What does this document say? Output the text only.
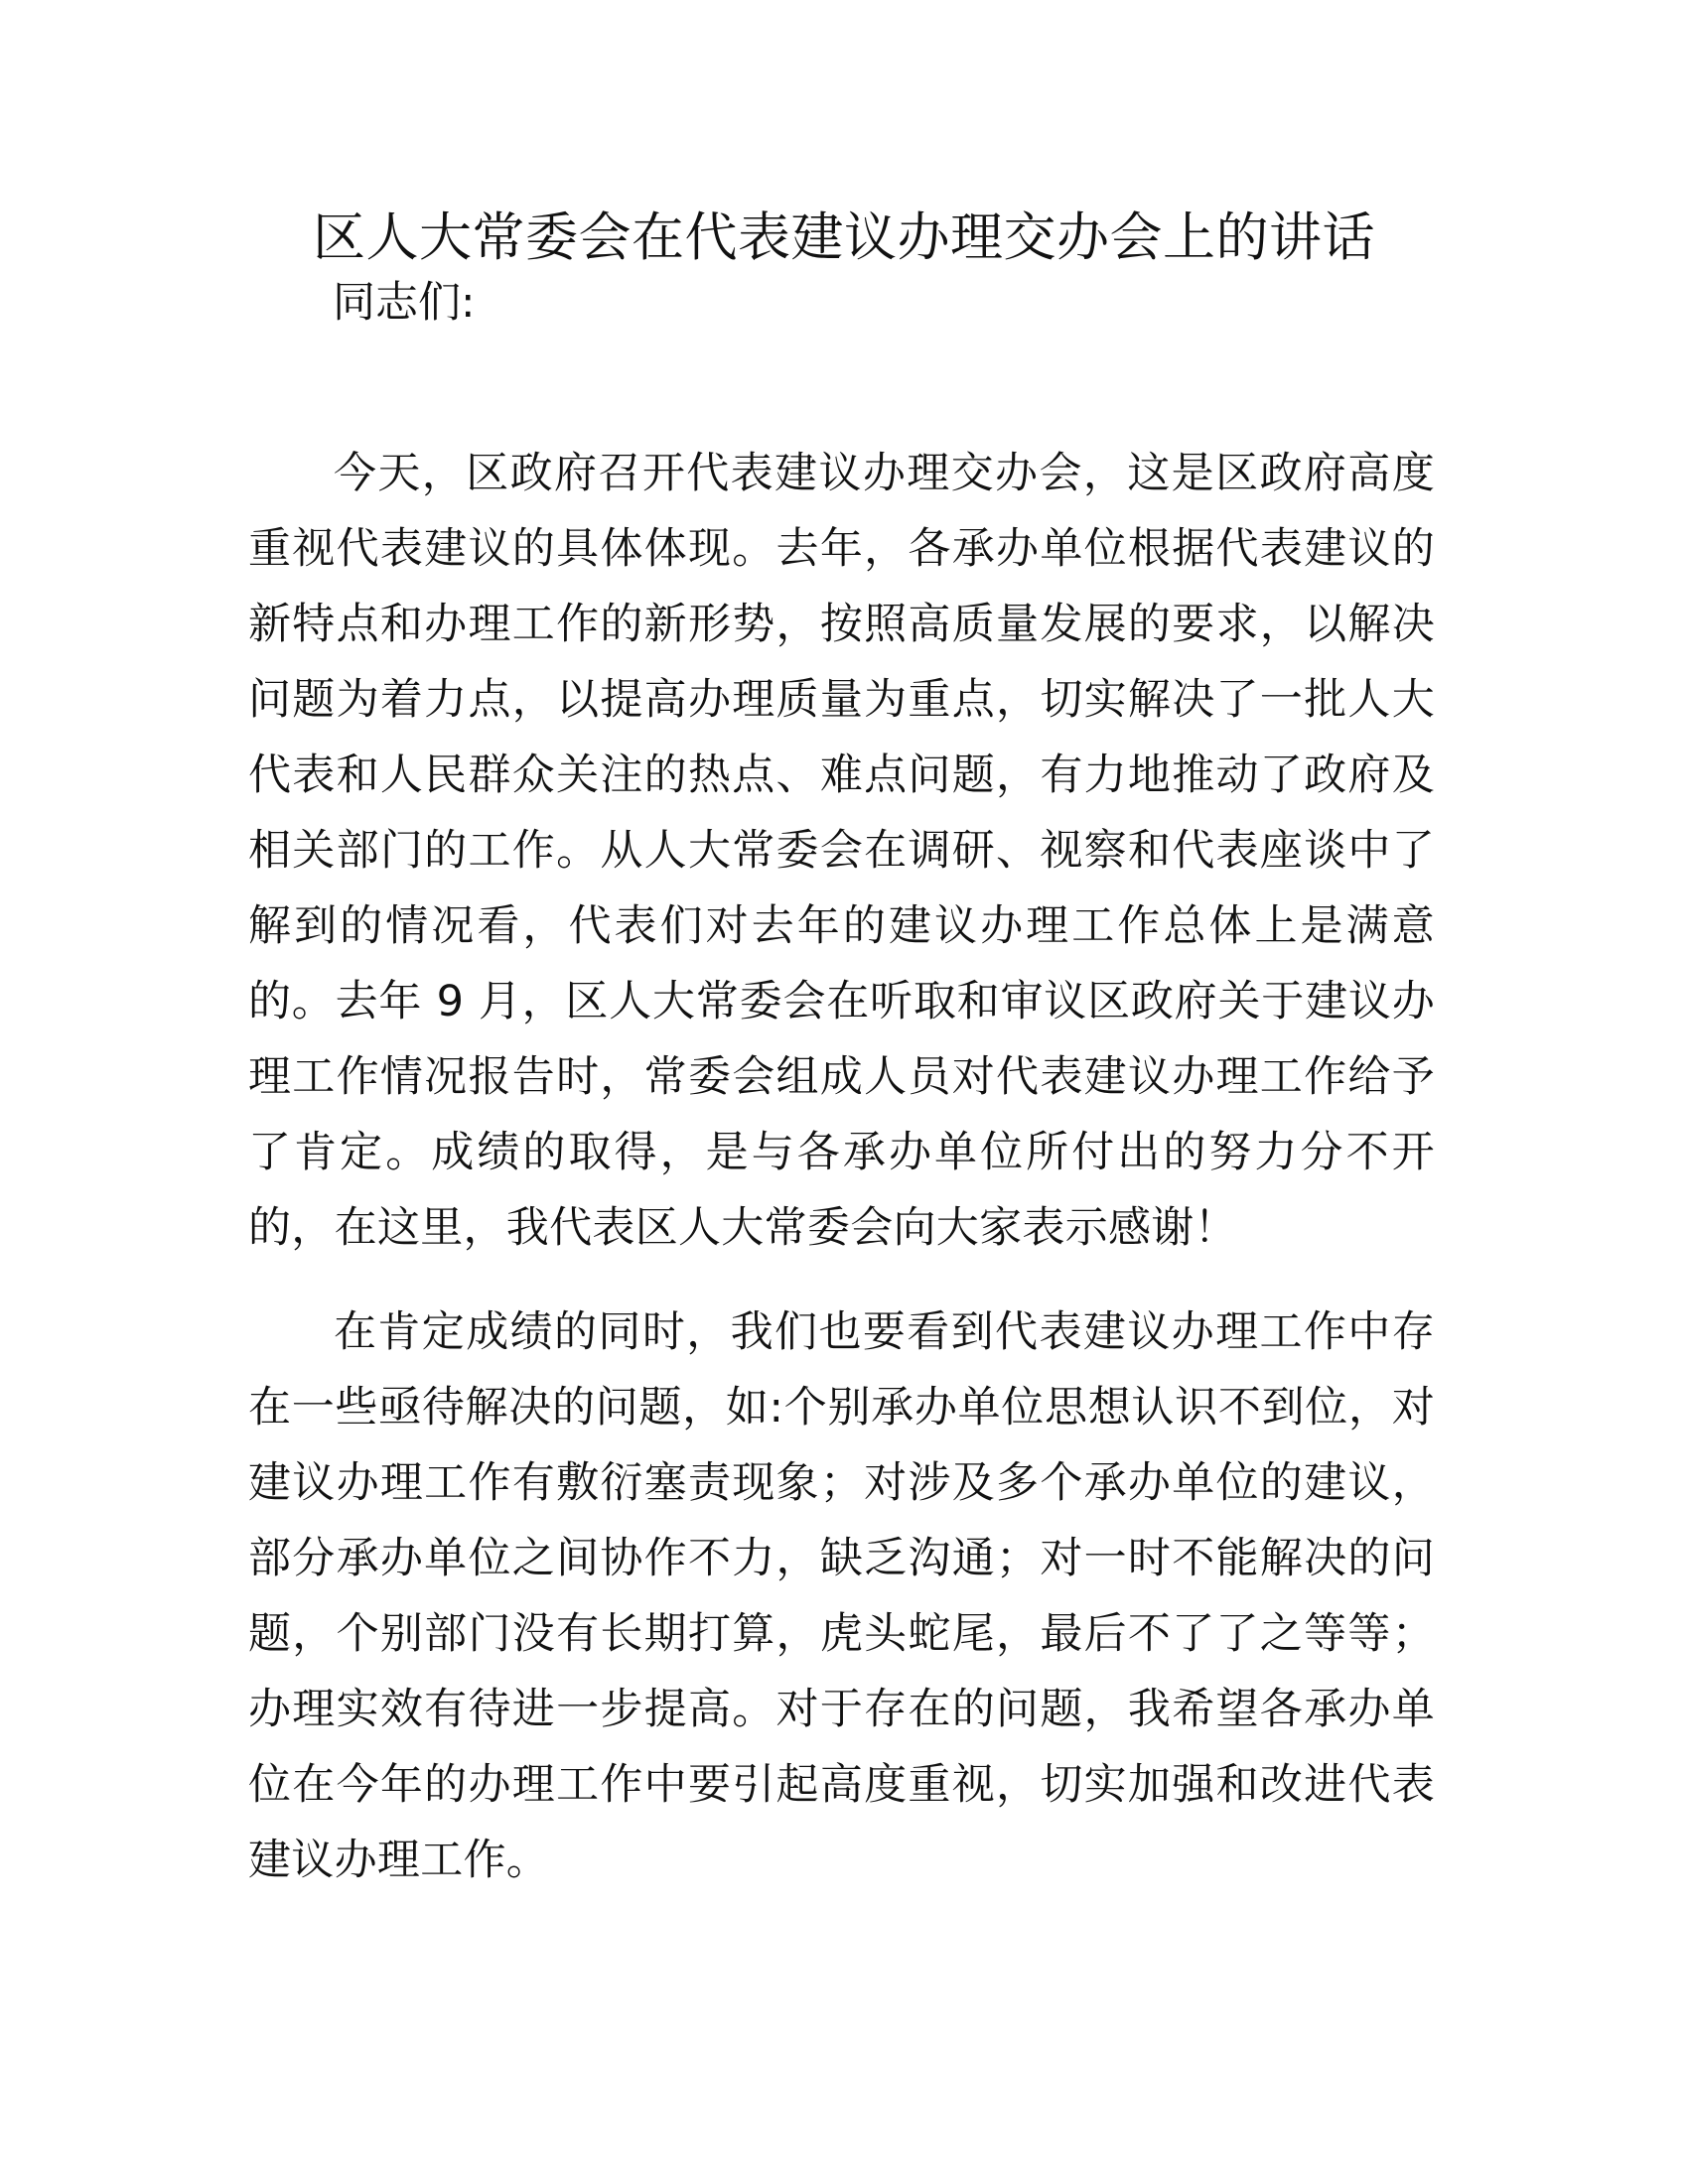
区人大常委会在代表建议办理交办会上的讲话
同志们:

今天，区政府召开代表建议办理交办会，这是区政府高度重视代表建议的具体体现。去年，各承办单位根据代表建议的新特点和办理工作的新形势，按照高质量发展的要求，以解决问题为着力点，以提高办理质量为重点，切实解决了一批人大代表和人民群众关注的热点、难点问题，有力地推动了政府及相关部门的工作。从人大常委会在调研、视察和代表座谈中了解到的情况看，代表们对去年的建议办理工作总体上是满意的。去年 9 月，区人大常委会在听取和审议区政府关于建议办理工作情况报告时，常委会组成人员对代表建议办理工作给予了肯定。成绩的取得，是与各承办单位所付出的努力分不开的，在这里，我代表区人大常委会向大家表示感谢！

在肯定成绩的同时，我们也要看到代表建议办理工作中存在一些亟待解决的问题，如:个别承办单位思想认识不到位，对建议办理工作有敷衍塞责现象；对涉及多个承办单位的建议，部分承办单位之间协作不力，缺乏沟通；对一时不能解决的问题，个别部门没有长期打算，虎头蛇尾，最后不了了之等等；办理实效有待进一步提高。对于存在的问题，我希望各承办单位在今年的办理工作中要引起高度重视，切实加强和改进代表建议办理工作。
